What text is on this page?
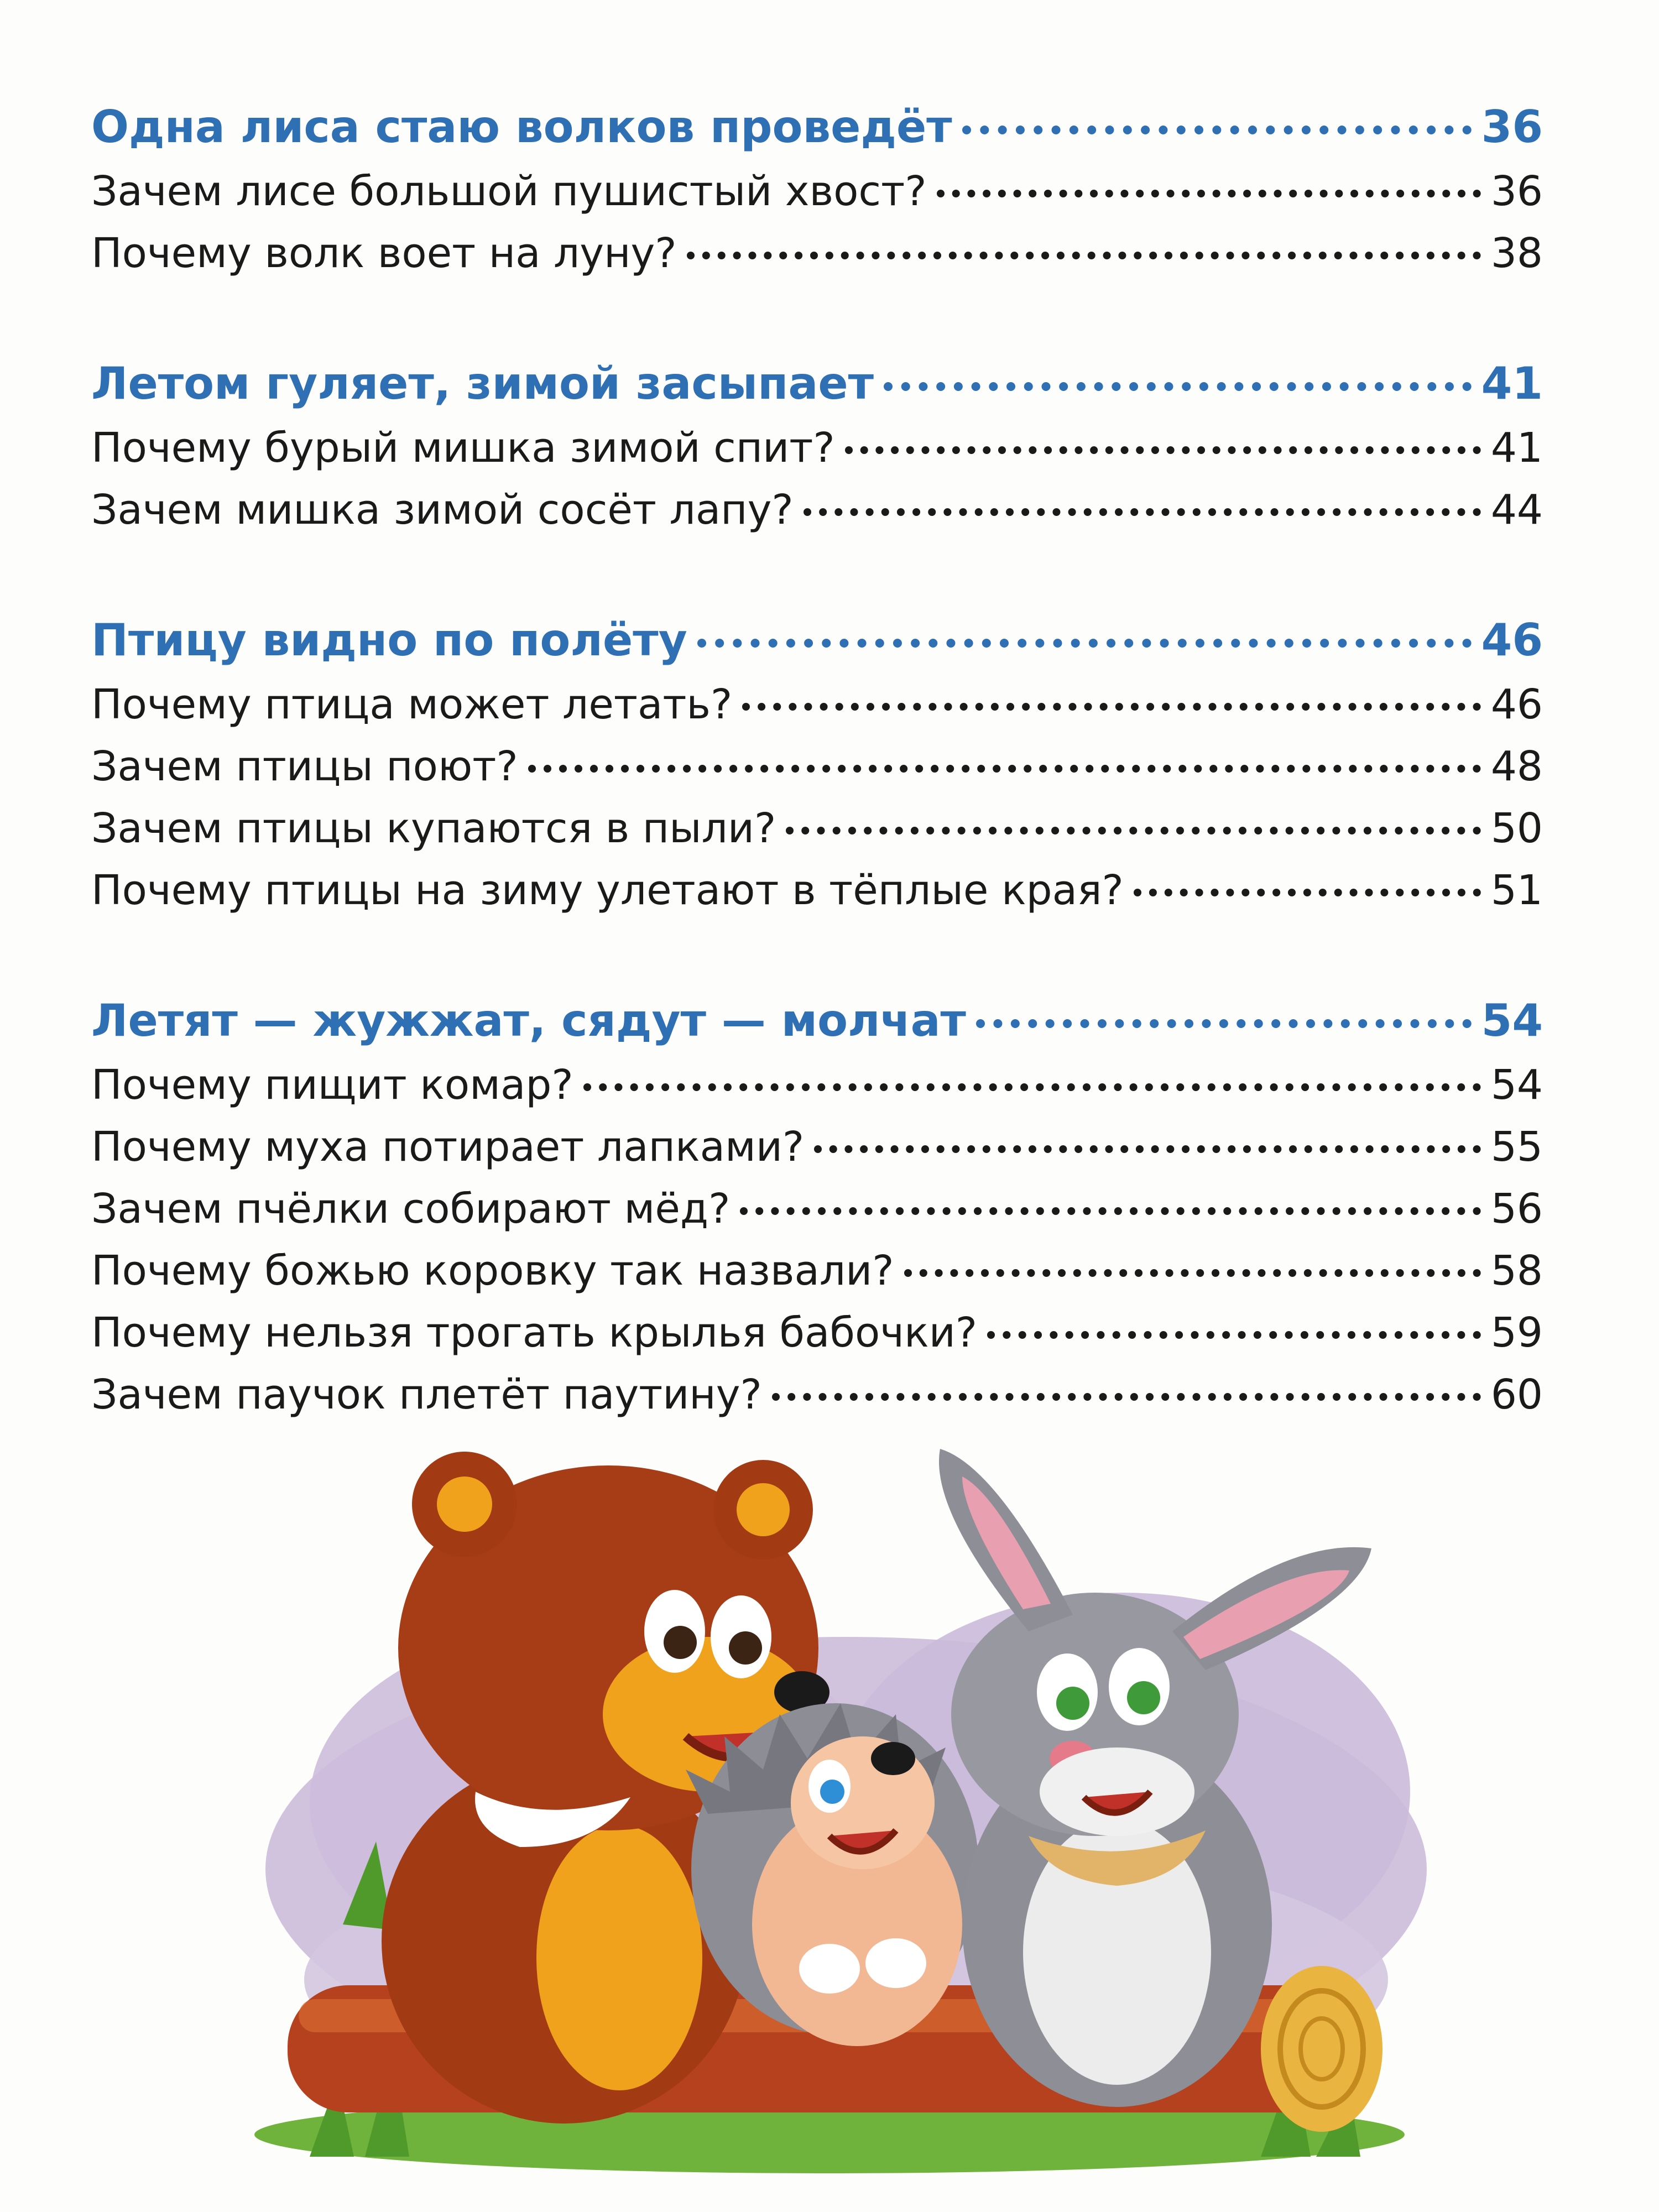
Одна лиса стаю волков проведёт	36
Зачем лисе большой пушистый хвост?	36
Почему волк воет на луну?	38
Летом гуляет, зимой засыпает	41
Почему бурый мишка зимой спит?	41
Зачем мишка зимой сосёт лапу?	44
Птицу видно по полёту	46
Почему птица может летать?	46
Зачем птицы поют?	48
Зачем птицы купаются в пыли?	50
Почему птицы на зиму улетают в тёплые края?	51
Летят — жужжат, сядут — молчат	54
Почему пищит комар?	54
Почему муха потирает лапками?	55
Зачем пчёлки собирают мёд?	56
Почему божью коровку так назвали?	58
Почему нельзя трогать крылья бабочки?	59
Зачем паучок плетёт паутину?	60
